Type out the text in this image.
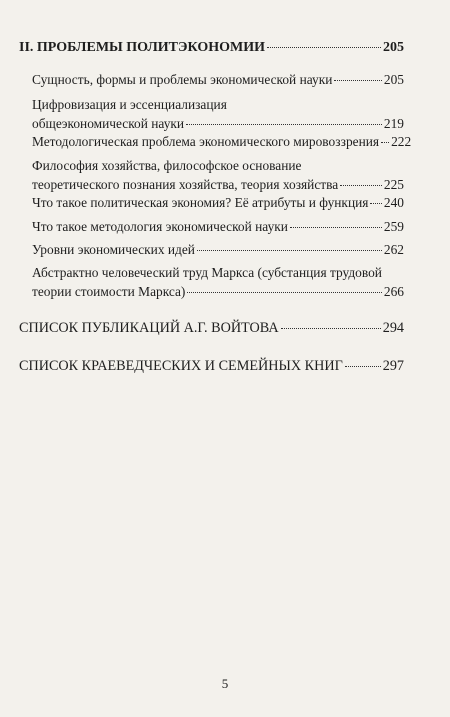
II. ПРОБЛЕМЫ ПОЛИТЭКОНОМИИ	205
Сущность, формы и проблемы экономической науки	205
Цифровизация и эссенциализация
общеэкономической науки	219
Методологическая проблема экономического мировоззрения 222
Философия хозяйства, философское основание
теоретического познания хозяйства, теория хозяйства	225
Что такое политическая экономия? Её атрибуты и функция 240
Что такое методология экономической науки	259
Уровни экономических идей	262
Абстрактно человеческий труд Маркса (субстанция трудовой
теории стоимости Маркса)	266
СПИСОК ПУБЛИКАЦИЙ А.Г. ВОЙТОВА	294
СПИСОК КРАЕВЕДЧЕСКИХ И СЕМЕЙНЫХ КНИГ	297
5
